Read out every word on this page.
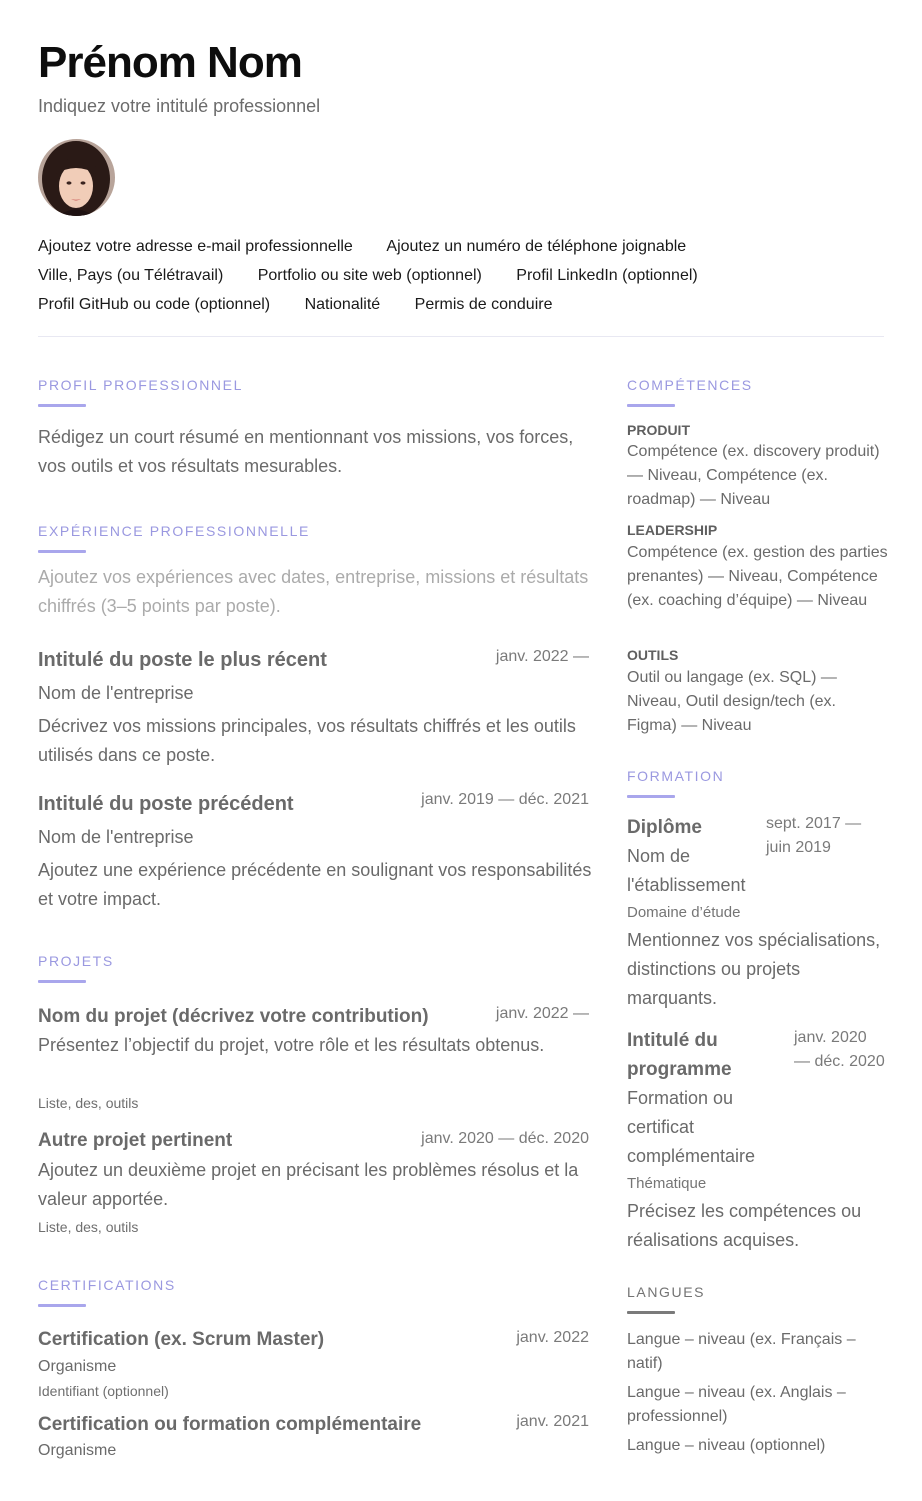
Prénom Nom
Indiquez votre intitulé professionnel
Ajoutez votre adresse e-mail professionnelle Ajoutez un numéro de téléphone joignable
Ville, Pays (ou Télétravail) Portfolio ou site web (optionnel) Profil LinkedIn (optionnel)
Profil GitHub ou code (optionnel) Nationalité Permis de conduire
PROFIL PROFESSIONNEL
Rédigez un court résumé en mentionnant vos missions, vos forces, vos outils et vos résultats mesurables.
EXPÉRIENCE PROFESSIONNELLE
Ajoutez vos expériences avec dates, entreprise, missions et résultats chiffrés (3–5 points par poste).
Intitulé du poste le plus récent	janv. 2022 —
Nom de l'entreprise
Décrivez vos missions principales, vos résultats chiffrés et les outils utilisés dans ce poste.
Intitulé du poste précédent	janv. 2019 — déc. 2021
Nom de l'entreprise
Ajoutez une expérience précédente en soulignant vos responsabilités et votre impact.
PROJETS
Nom du projet (décrivez votre contribution)	janv. 2022 —
Présentez l’objectif du projet, votre rôle et les résultats obtenus.
Liste, des, outils
Autre projet pertinent	janv. 2020 — déc. 2020
Ajoutez un deuxième projet en précisant les problèmes résolus et la valeur apportée.
Liste, des, outils
CERTIFICATIONS
Certification (ex. Scrum Master)	janv. 2022
Organisme
Identifiant (optionnel)
Certification ou formation complémentaire	janv. 2021
Organisme
COMPÉTENCES
PRODUIT
Compétence (ex. discovery produit) — Niveau, Compétence (ex. roadmap) — Niveau
LEADERSHIP
Compétence (ex. gestion des parties prenantes) — Niveau, Compétence (ex. coaching d’équipe) — Niveau
OUTILS
Outil ou langage (ex. SQL) — Niveau, Outil design/tech (ex. Figma) — Niveau
FORMATION
Diplôme	sept. 2017 — juin 2019
Nom de l'établissement
Domaine d’étude
Mentionnez vos spécialisations, distinctions ou projets marquants.
Intitulé du programme
janv. 2020 — déc. 2020
Formation ou certificat complémentaire
Thématique
Précisez les compétences ou réalisations acquises.
LANGUES
Langue – niveau (ex. Français – natif)
Langue – niveau (ex. Anglais – professionnel)
Langue – niveau (optionnel)
